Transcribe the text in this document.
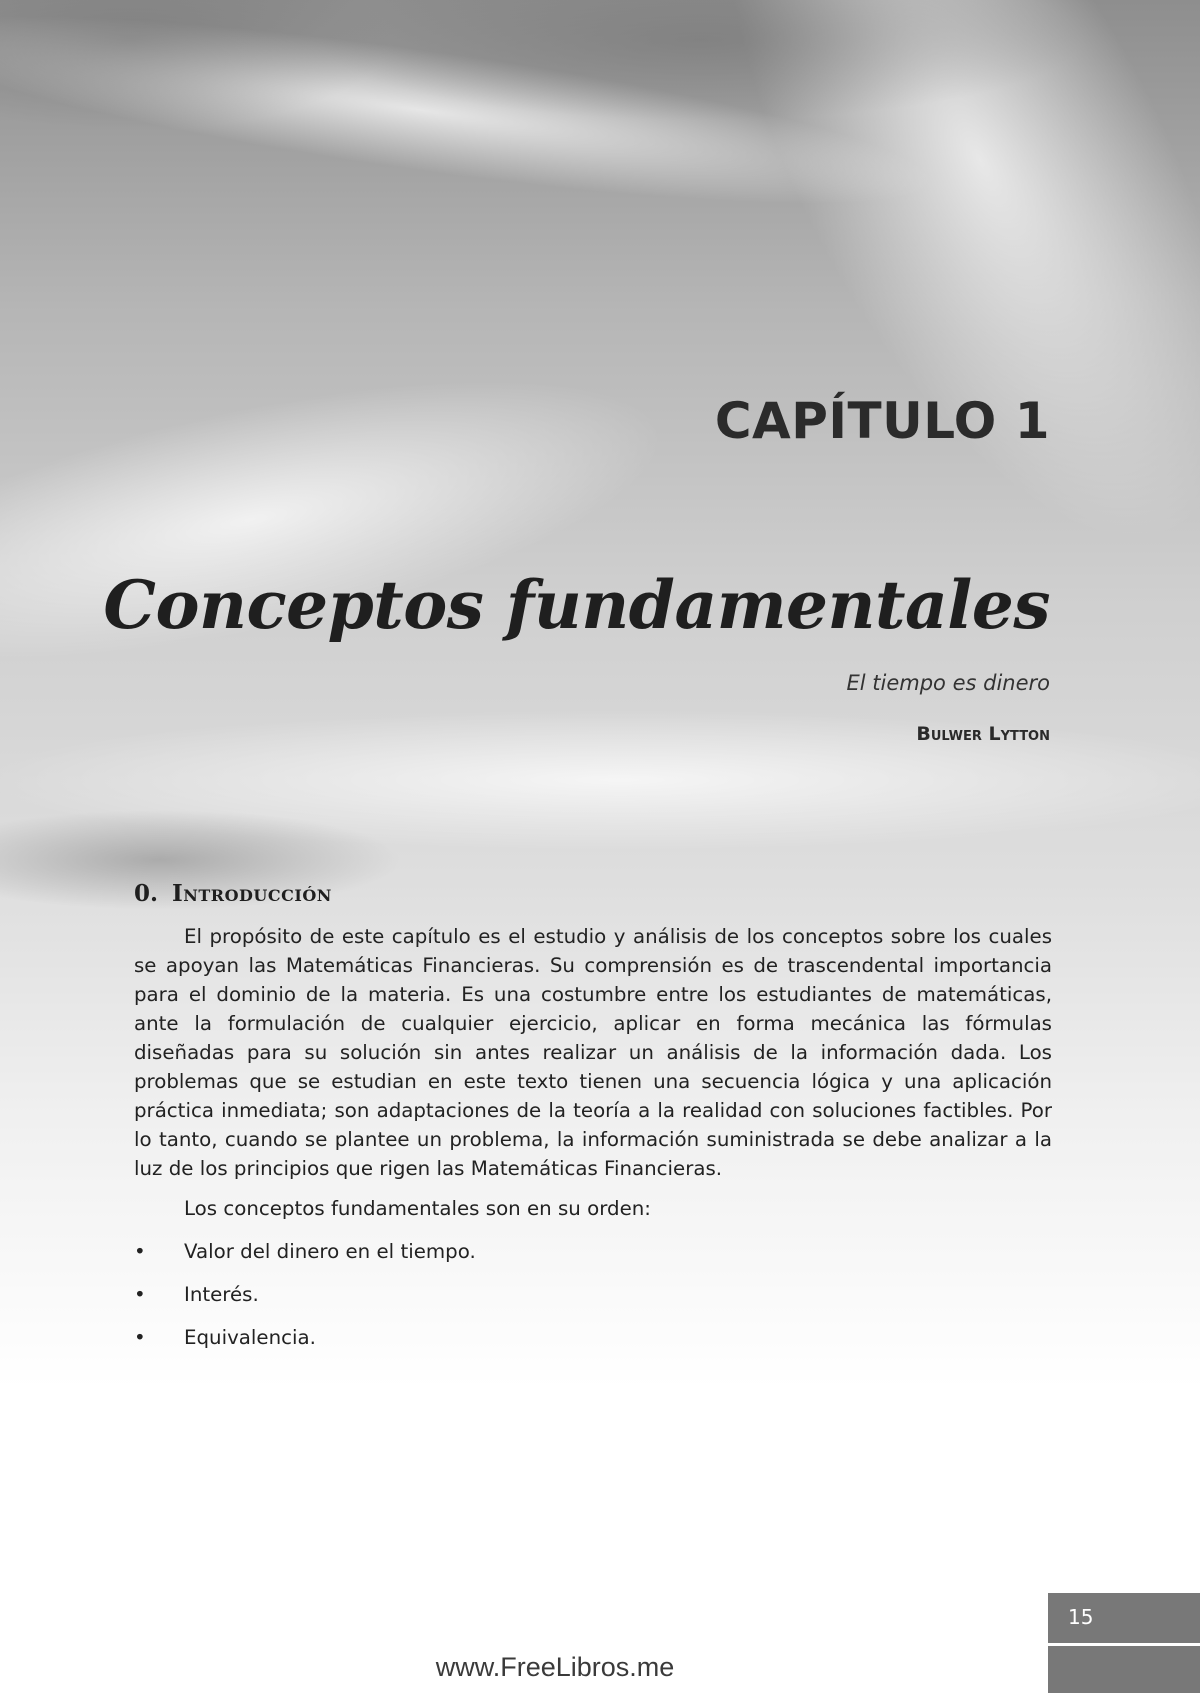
CAPÍTULO 1
Conceptos fundamentales
El tiempo es dinero
Bulwer Lytton
0. Introducción

El propósito de este capítulo es el estudio y análisis de los conceptos sobre los cuales se apoyan las Matemáticas Financieras. Su comprensión es de trascendental importancia para el dominio de la materia. Es una costumbre entre los estudiantes de matemáticas, ante la formulación de cualquier ejercicio, aplicar en forma mecánica las fórmulas diseñadas para su solución sin antes realizar un análisis de la información dada. Los problemas que se estudian en este texto tienen una secuencia lógica y una aplicación práctica inmediata; son adaptaciones de la teoría a la realidad con soluciones factibles. Por lo tanto, cuando se plantee un problema, la información suministrada se debe analizar a la luz de los principios que rigen las Matemáticas Financieras.

Los conceptos fundamentales son en su orden:
• Valor del dinero en el tiempo.
• Interés.
• Equivalencia.
15
www.FreeLibros.me
